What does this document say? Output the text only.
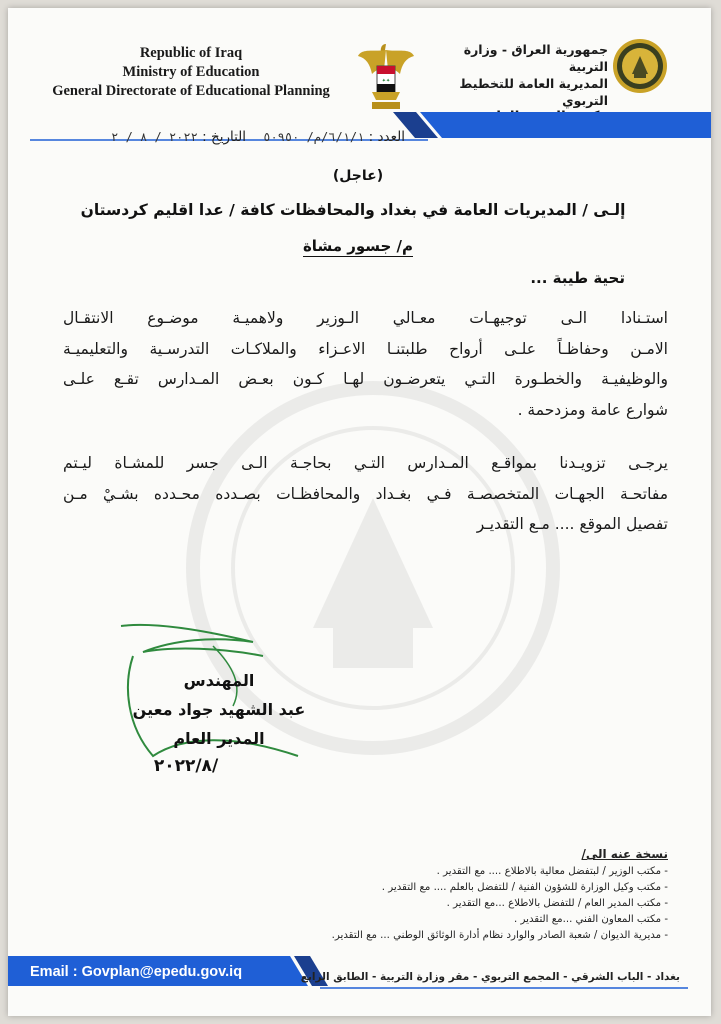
Republic of Iraq
Ministry of Education
General Directorate of Educational Planning
✦✦
جمهورية العراق - وزارة التربية
المديرية العامة للتخطيط التربوي
العدد : ٦/١/١/م/ ٥٠٩٥٠    التاريخ : ٢٠٢٢ / ٨ / ٢
(عاجل)
إلـى / المديريات العامة في بغداد والمحافظات كافة / عدا اقليم كردستان
م/ جسور مشاة
تحية طيبة ...
استـنادا الـى توجيهـات معـالي الـوزير ولاهميـة موضـوع الانتقـال
الامـن وحفاظـاً علـى أرواح طلبتنـا الاعـزاء والملاكـات التدرسـية والتعليميـة
والوظيفيـة والخطـورة التـي يتعرضـون لهـا كـون بعـض المـدارس تقـع علـى
شوارع عامة ومزدحمة .
يرجـى تزويـدنا بمواقـع المـدارس التـي بحاجـة الـى جسر للمشـاة ليـتم
مفاتحـة الجهـات المتخصصـة فـي بغـداد والمحافظـات بصـدده محـدده بشـيْ مـن
تفصيل الموقع .... مـع التقديـر
المهندس
عبد الشهيد جواد معين
المدير العام
٢٠٢٢/٨/
نسخة عنه الى/
- مكتب الوزير / لبتفضل معالية بالاطلاع .... مع التقدير .
- مكتب وكيل الوزارة للشؤون الفنية / للتفضل بالعلم .... مع التقدير .
- مكتب المدير العام / للتفضل بالاطلاع ...مع التقدير .
- مكتب المعاون الفني ...مع التقدير .
- مديرية الديوان / شعبة الصادر والوارد نظام أدارة الوثائق الوطني ... مع التقدير.
Email : Govplan@epedu.gov.iq	بغداد - الباب الشرقي - المجمع التربوي - مقر وزارة التربية - الطابق الرابع
